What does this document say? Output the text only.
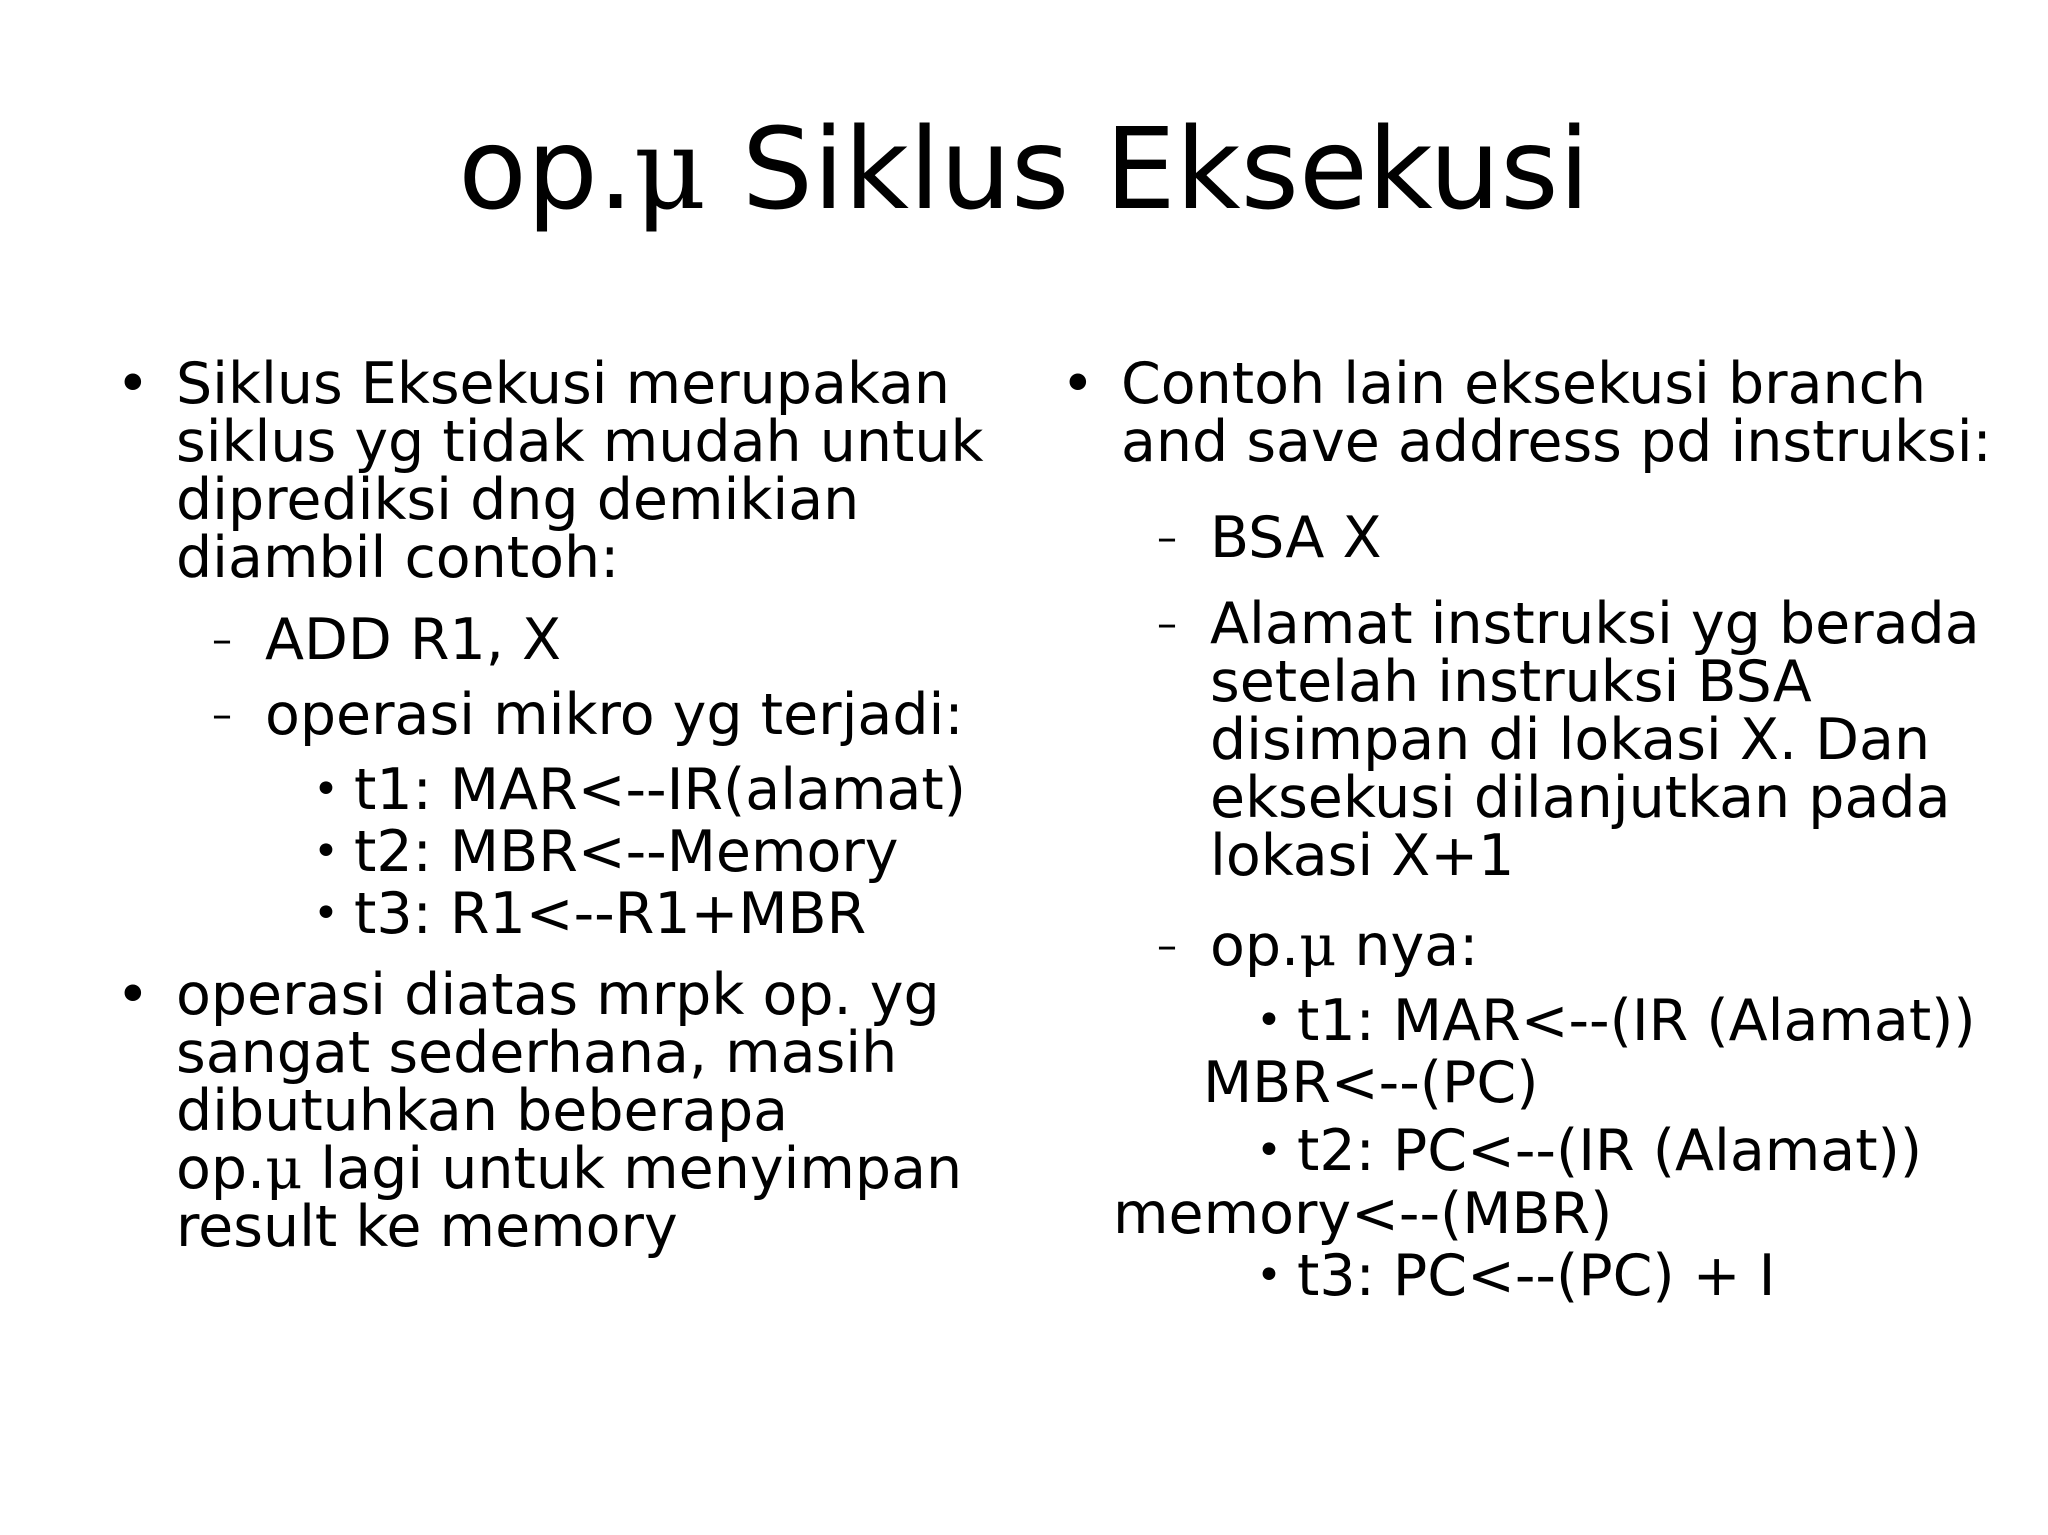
op.μ Siklus Eksekusi
• Siklus Eksekusi merupakan
siklus yg tidak mudah untuk
diprediksi dng demikian
diambil contoh:
– ADD R1, X
– operasi mikro yg terjadi:
• t1: MAR<--IR(alamat)
• t2: MBR<--Memory
• t3: R1<--R1+MBR
• operasi diatas mrpk op. yg
sangat sederhana, masih
dibutuhkan beberapa
op.μ lagi untuk menyimpan
result ke memory
• Contoh lain eksekusi branch
and save address pd instruksi:
– BSA X
– Alamat instruksi yg berada
setelah instruksi BSA
disimpan di lokasi X. Dan
eksekusi dilanjutkan pada
lokasi X+1
– op.μ nya:
• t1: MAR<--(IR (Alamat))
MBR<--(PC)
• t2: PC<--(IR (Alamat))
memory<--(MBR)
• t3: PC<--(PC) + I
